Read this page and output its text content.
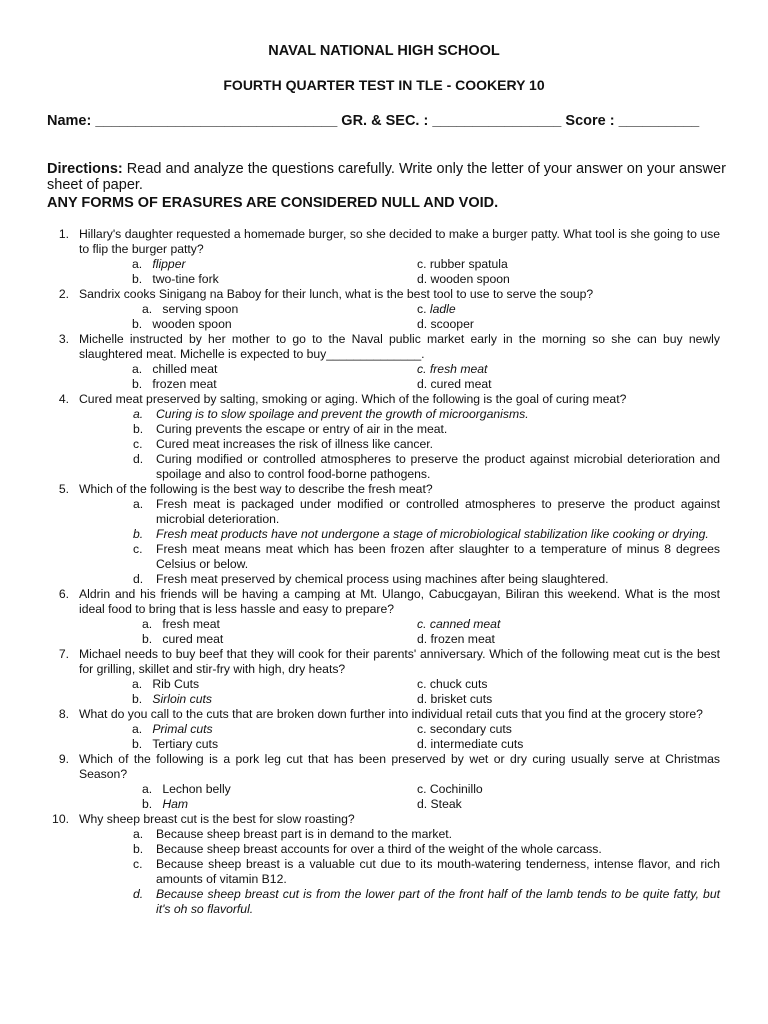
NAVAL NATIONAL HIGH SCHOOL
FOURTH QUARTER TEST IN TLE - COOKERY 10
Name: ______________________________ GR. & SEC. : ________________ Score : __________
Directions: Read and analyze the questions carefully. Write only the letter of your answer on your answer sheet of paper.
ANY FORMS OF ERASURES ARE CONSIDERED NULL AND VOID.
1. Hillary's daughter requested a homemade burger, so she decided to make a burger patty. What tool is she going to use to flip the burger patty?
a. flipper	c. rubber spatula
b. two-tine fork	d. wooden spoon
2. Sandrix cooks Sinigang na Baboy for their lunch, what is the best tool to use to serve the soup?
a. serving spoon	c. ladle
b. wooden spoon	d. scooper
3. Michelle instructed by her mother to go to the Naval public market early in the morning so she can buy newly slaughtered meat. Michelle is expected to buy______________.
a. chilled meat	c. fresh meat
b. frozen meat	d. cured meat
4. Cured meat preserved by salting, smoking or aging. Which of the following is the goal of curing meat?
a. Curing is to slow spoilage and prevent the growth of microorganisms.
b. Curing prevents the escape or entry of air in the meat.
c. Cured meat increases the risk of illness like cancer.
d. Curing modified or controlled atmospheres to preserve the product against microbial deterioration and spoilage and also to control food-borne pathogens.
5. Which of the following is the best way to describe the fresh meat?
a. Fresh meat is packaged under modified or controlled atmospheres to preserve the product against microbial deterioration.
b. Fresh meat products have not undergone a stage of microbiological stabilization like cooking or drying.
c. Fresh meat means meat which has been frozen after slaughter to a temperature of minus 8 degrees Celsius or below.
d. Fresh meat preserved by chemical process using machines after being slaughtered.
6. Aldrin and his friends will be having a camping at Mt. Ulango, Cabucgayan, Biliran this weekend. What is the most ideal food to bring that is less hassle and easy to prepare?
a. fresh meat	c. canned meat
b. cured meat	d. frozen meat
7. Michael needs to buy beef that they will cook for their parents' anniversary. Which of the following meat cut is the best for grilling, skillet and stir-fry with high, dry heats?
a. Rib Cuts	c. chuck cuts
b. Sirloin cuts	d. brisket cuts
8. What do you call to the cuts that are broken down further into individual retail cuts that you find at the grocery store?
a. Primal cuts	c. secondary cuts
b. Tertiary cuts	d. intermediate cuts
9. Which of the following is a pork leg cut that has been preserved by wet or dry curing usually serve at Christmas Season?
a. Lechon belly	c. Cochinillo
b. Ham	d. Steak
10. Why sheep breast cut is the best for slow roasting?
a. Because sheep breast part is in demand to the market.
b. Because sheep breast accounts for over a third of the weight of the whole carcass.
c. Because sheep breast is a valuable cut due to its mouth-watering tenderness, intense flavor, and rich amounts of vitamin B12.
d. Because sheep breast cut is from the lower part of the front half of the lamb tends to be quite fatty, but it's oh so flavorful.
